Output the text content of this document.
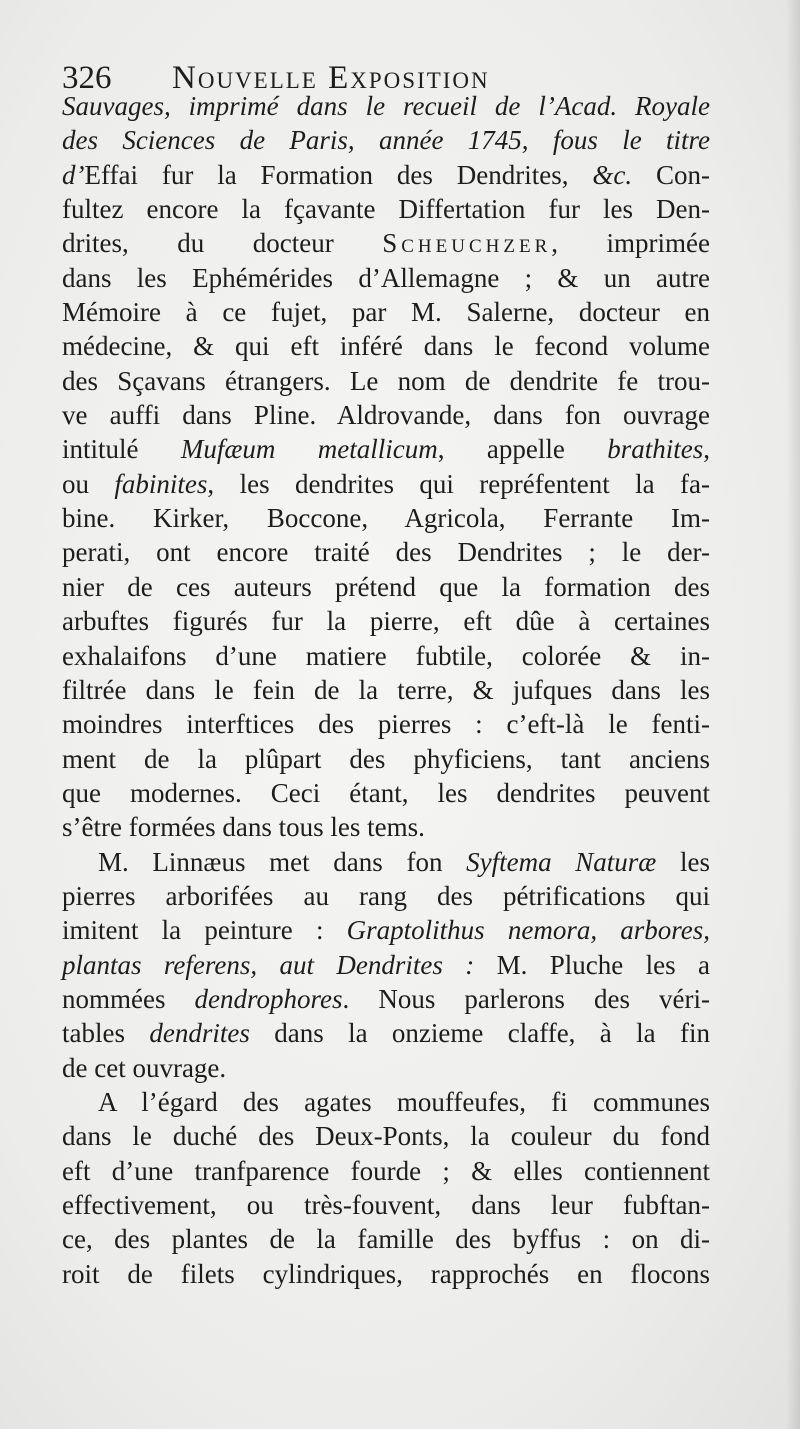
326 Nouvelle Exposition
Sauvages, imprimé dans le recueil de l’Acad. Royale
des Sciences de Paris, année 1745, fous le titre
d’Effai fur la Formation des Dendrites, &c. Con-
fultez encore la fçavante Differtation fur les Den-
drites, du docteur Scheuchzer, imprimée
dans les Ephémérides d’Allemagne ; & un autre
Mémoire à ce fujet, par M. Salerne, docteur en
médecine, & qui eft inféré dans le fecond volume
des Sçavans étrangers. Le nom de dendrite fe trou-
ve auffi dans Pline. Aldrovande, dans fon ouvrage
intitulé Mufæum metallicum, appelle brathites,
ou fabinites, les dendrites qui repréfentent la fa-
bine. Kirker, Boccone, Agricola, Ferrante Im-
perati, ont encore traité des Dendrites ; le der-
nier de ces auteurs prétend que la formation des
arbuftes figurés fur la pierre, eft dûe à certaines
exhalaifons d’une matiere fubtile, colorée & in-
filtrée dans le fein de la terre, & jufques dans les
moindres interftices des pierres : c’eft-là le fenti-
ment de la plûpart des phyficiens, tant anciens
que modernes. Ceci étant, les dendrites peuvent
s’être formées dans tous les tems.
M. Linnæus met dans fon Syftema Naturæ les
pierres arborifées au rang des pétrifications qui
imitent la peinture : Graptolithus nemora, arbores,
plantas referens, aut Dendrites : M. Pluche les a
nommées dendrophores. Nous parlerons des véri-
tables dendrites dans la onzieme claffe, à la fin
de cet ouvrage.
A l’égard des agates mouffeufes, fi communes
dans le duché des Deux-Ponts, la couleur du fond
eft d’une tranfparence fourde ; & elles contiennent
effectivement, ou très-fouvent, dans leur fubftan-
ce, des plantes de la famille des byffus : on di-
roit de filets cylindriques, rapprochés en flocons
